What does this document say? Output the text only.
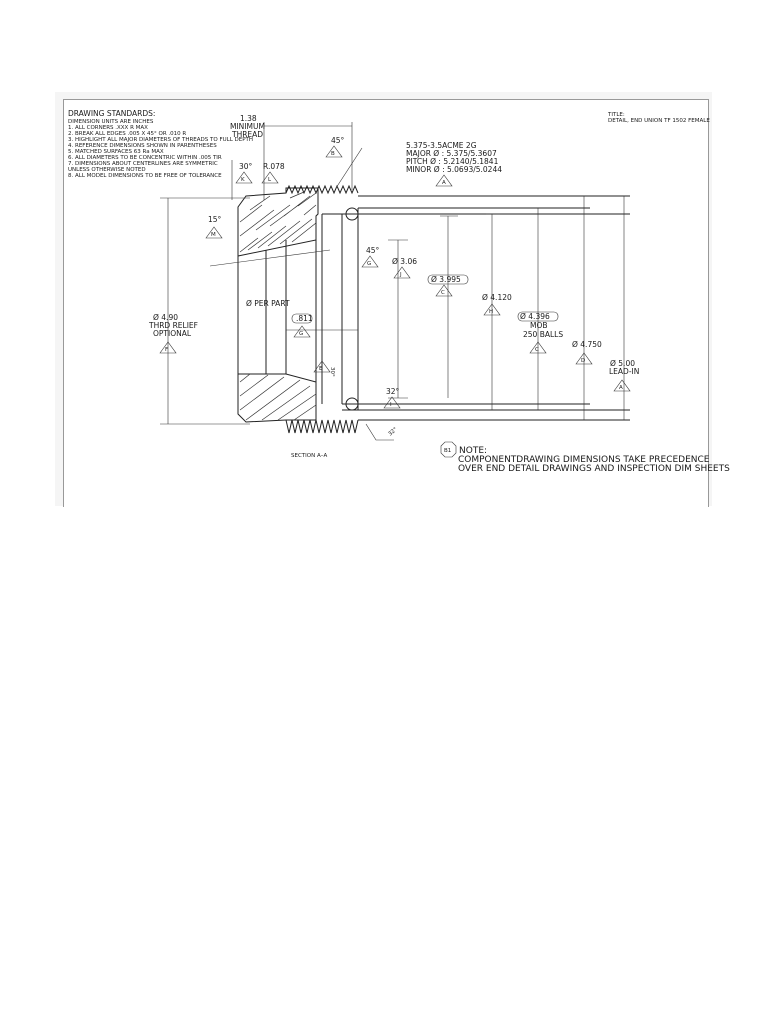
DRAWING STANDARDS:
DIMENSION UNITS ARE INCHES
1. ALL CORNERS .XXX R MAX
2. BREAK ALL EDGES .005 X 45° OR .010 R
3. HIGHLIGHT ALL MAJOR DIAMETERS OF THREADS TO FULL DEPTH
4. REFERENCE DIMENSIONS SHOWN IN PARENTHESES
5. MATCHED SURFACES 63 Ra MAX
6. ALL DIAMETERS TO BE CONCENTRIC WITHIN .005 TIR
7. DIMENSIONS ABOUT CENTERLINES ARE SYMMETRIC
UNLESS OTHERWISE NOTED
8. ALL MODEL DIMENSIONS TO BE FREE OF TOLERANCE
TITLE:
DETAIL, END UNION TF 1502 FEMALE
1.38
MINIMUM
THREAD
45°
30° R.078
15°
5.375-3.5ACME 2G
MAJOR Ø : 5.375/5.3607
PITCH Ø : 5.2140/5.1841
MINOR Ø : 5.0693/5.0244
45°
Ø 3.06
Ø 3.995
Ø 4.120
Ø 4.396
MOB
250 BALLS
Ø 4.750
Ø 5.00
LEAD-IN
Ø 4.90
THRD RELIEF
OPTIONAL
Ø PER PART
.811
30°
32°
32°
SECTION A–A
B
K	L	A
M
G
J
C
H
G
C
D
A
F
E
I
B1 NOTE:
COMPONENTDRAWING DIMENSIONS TAKE PRECEDENCE
OVER END DETAIL DRAWINGS AND INSPECTION DIM SHEETS
